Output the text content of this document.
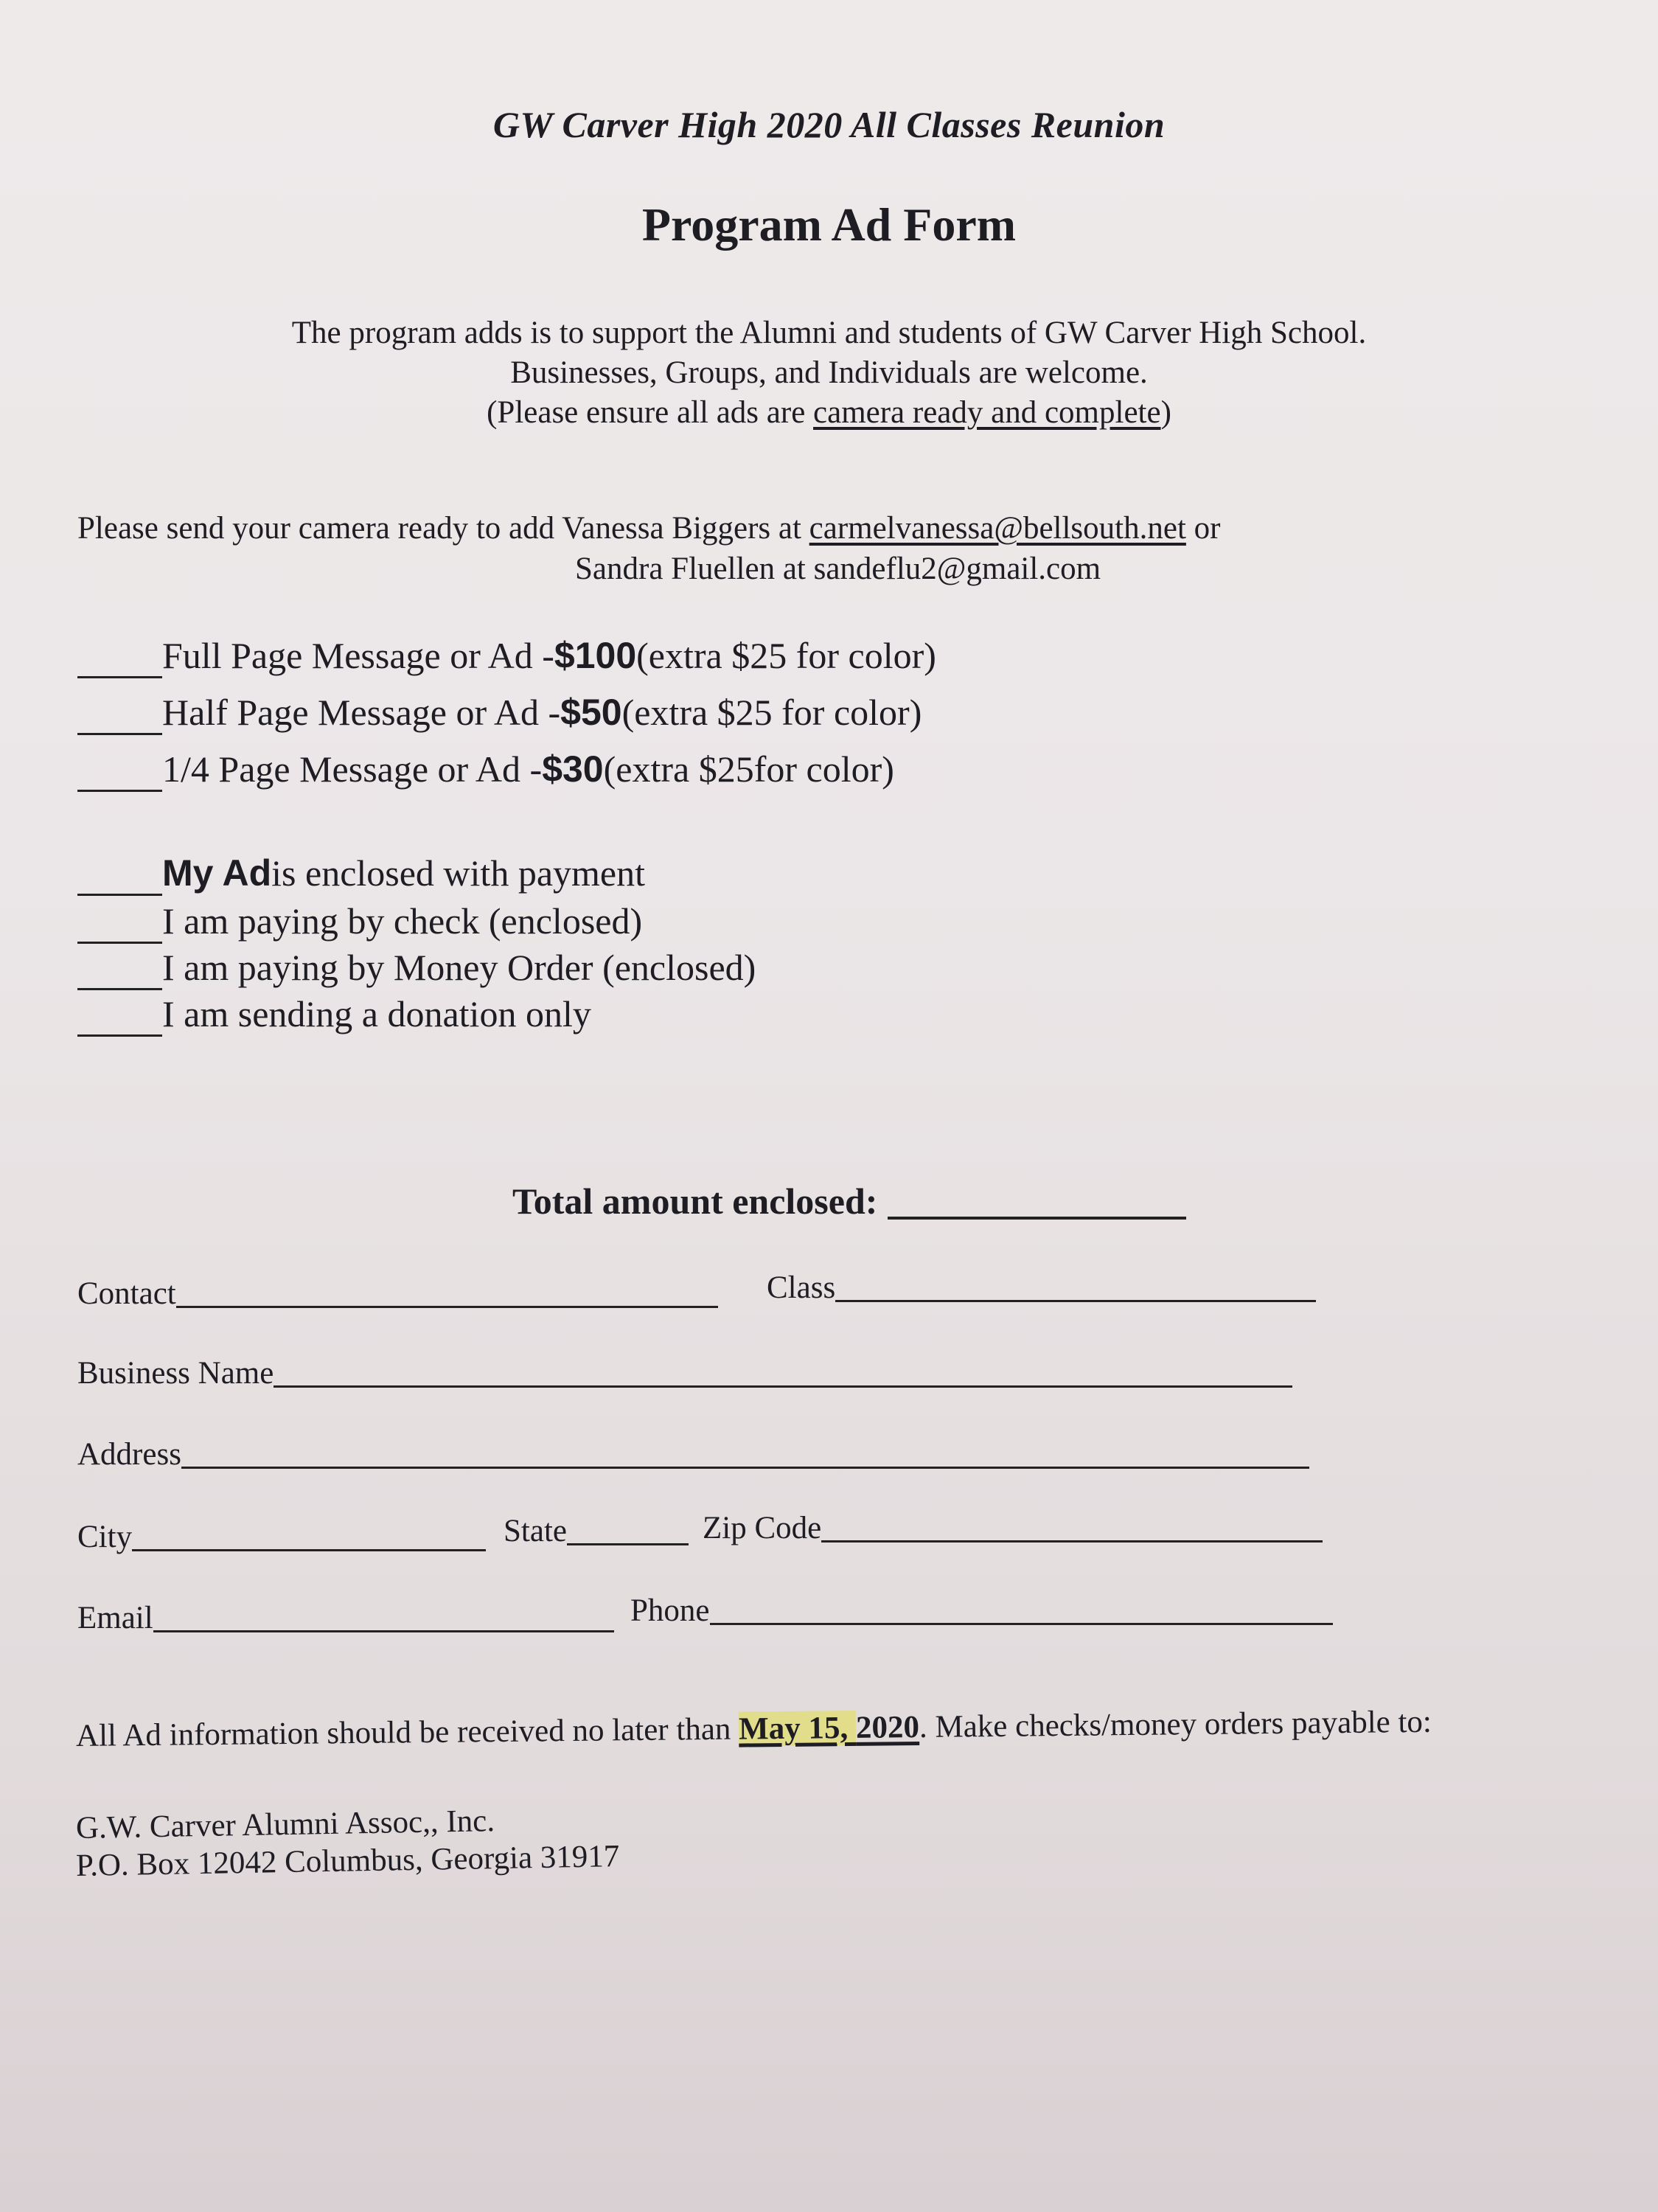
GW Carver High 2020 All Classes Reunion
Program Ad Form
The program adds is to support the Alumni and students of GW Carver High School.
Businesses, Groups, and Individuals are welcome.
(Please ensure all ads are camera ready and complete)
Please send your camera ready to add Vanessa Biggers at carmelvanessa@bellsouth.net or
Sandra Fluellen at sandeflu2@gmail.com
Full Page Message or Ad - $100 (extra $25 for color)
Half Page Message or Ad - $50 (extra $25 for color)
1/4 Page Message or Ad - $30 (extra $25for color)
My Ad is enclosed with payment
I am paying by check (enclosed)
I am paying by Money Order (enclosed)
I am sending a donation only
Total amount enclosed:
Contact	Class
Business Name
Address
City	State	Zip Code
Email	Phone
All Ad information should be received no later than May 15, 2020. Make checks/money orders payable to:
G.W. Carver Alumni Assoc,, Inc.
P.O. Box 12042 Columbus, Georgia 31917
